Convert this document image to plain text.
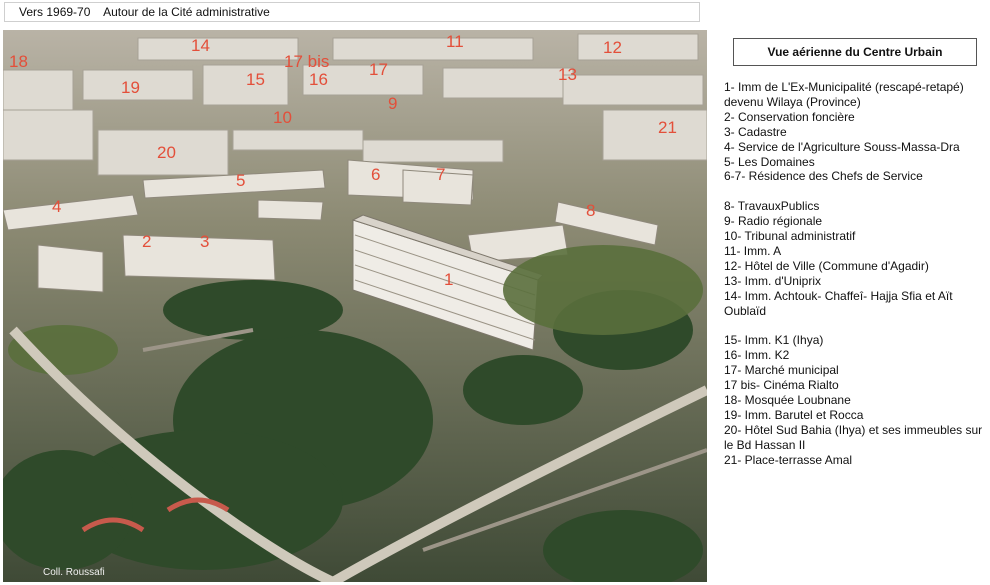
Vers 1969-70 Autour de la Cité administrative
18
14	11	12
19	15
17 bis
16
17	13
9
10
21
20
5	6	7
4	8
2	3
1
Coll. Roussafi
Vue aérienne du Centre Urbain

1- Imm de L'Ex-Municipalité (rescapé-retapé) devenu Wilaya (Province)

2- Conservation foncière

3- Cadastre

4- Service de l'Agriculture Souss-Massa-Dra

5- Les Domaines

6-7- Résidence des Chefs de Service

8- TravauxPublics

9- Radio régionale

10- Tribunal administratif

11- Imm. A

12- Hôtel de Ville (Commune d'Agadir)

13- Imm. d'Uniprix

14- Imm. Achtouk- Chaffeî- Hajja Sfia et Aït Oublaïd

15- Imm. K1 (Ihya)

16- Imm. K2

17- Marché municipal

17 bis- Cinéma Rialto

18- Mosquée Loubnane

19- Imm. Barutel et Rocca

20- Hôtel Sud Bahia (Ihya) et ses immeubles sur le Bd Hassan II

21- Place-terrasse Amal
